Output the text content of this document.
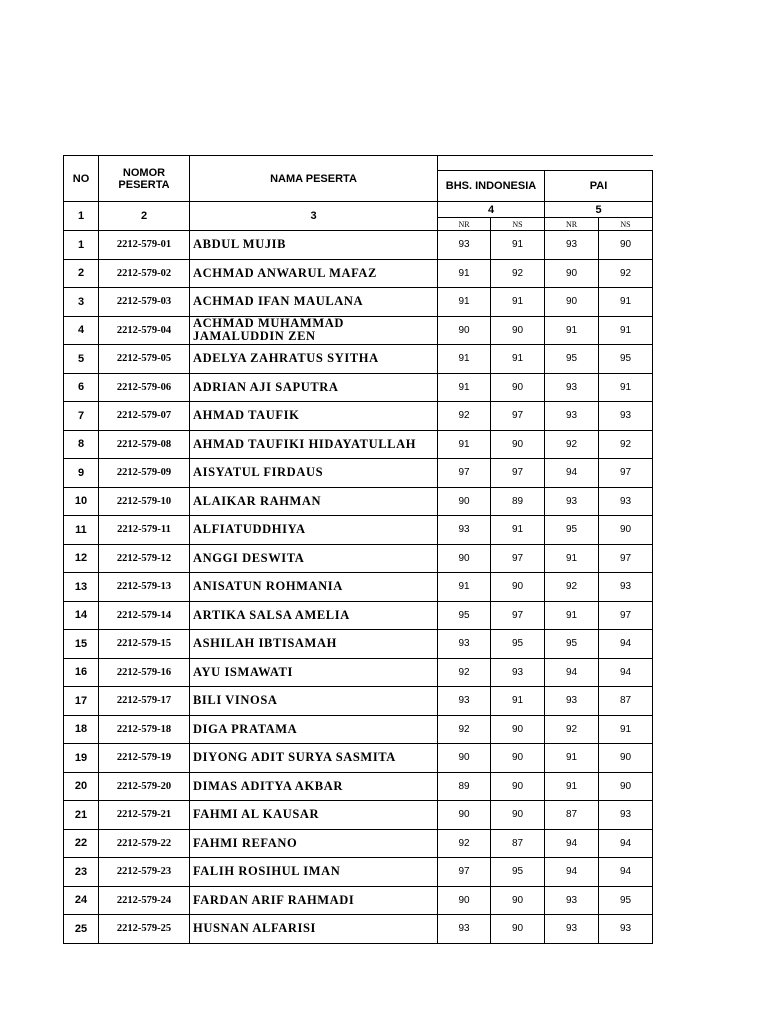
NO	NOMOR PESERTA	NAMA PESERTA				
			BHS. INDONESIA		PAI	
1	2	3	4		5	
			NR	NS	NR	NS
1	2212-579-01	ABDUL MUJIB	93	91	93	90
2	2212-579-02	ACHMAD ANWARUL MAFAZ	91	92	90	92
3	2212-579-03	ACHMAD IFAN MAULANA	91	91	90	91
4	2212-579-04	ACHMAD MUHAMMAD JAMALUDDIN ZEN	90	90	91	91
5	2212-579-05	ADELYA ZAHRATUS SYITHA	91	91	95	95
6	2212-579-06	ADRIAN AJI SAPUTRA	91	90	93	91
7	2212-579-07	AHMAD TAUFIK	92	97	93	93
8	2212-579-08	AHMAD TAUFIKI HIDAYATULLAH	91	90	92	92
9	2212-579-09	AISYATUL FIRDAUS	97	97	94	97
10	2212-579-10	ALAIKAR RAHMAN	90	89	93	93
11	2212-579-11	ALFIATUDDHIYA	93	91	95	90
12	2212-579-12	ANGGI DESWITA	90	97	91	97
13	2212-579-13	ANISATUN ROHMANIA	91	90	92	93
14	2212-579-14	ARTIKA SALSA AMELIA	95	97	91	97
15	2212-579-15	ASHILAH IBTISAMAH	93	95	95	94
16	2212-579-16	AYU ISMAWATI	92	93	94	94
17	2212-579-17	BILI VINOSA	93	91	93	87
18	2212-579-18	DIGA PRATAMA	92	90	92	91
19	2212-579-19	DIYONG ADIT SURYA SASMITA	90	90	91	90
20	2212-579-20	DIMAS ADITYA AKBAR	89	90	91	90
21	2212-579-21	FAHMI AL KAUSAR	90	90	87	93
22	2212-579-22	FAHMI REFANO	92	87	94	94
23	2212-579-23	FALIH ROSIHUL IMAN	97	95	94	94
24	2212-579-24	FARDAN ARIF RAHMADI	90	90	93	95
25	2212-579-25	HUSNAN ALFARISI	93	90	93	93
